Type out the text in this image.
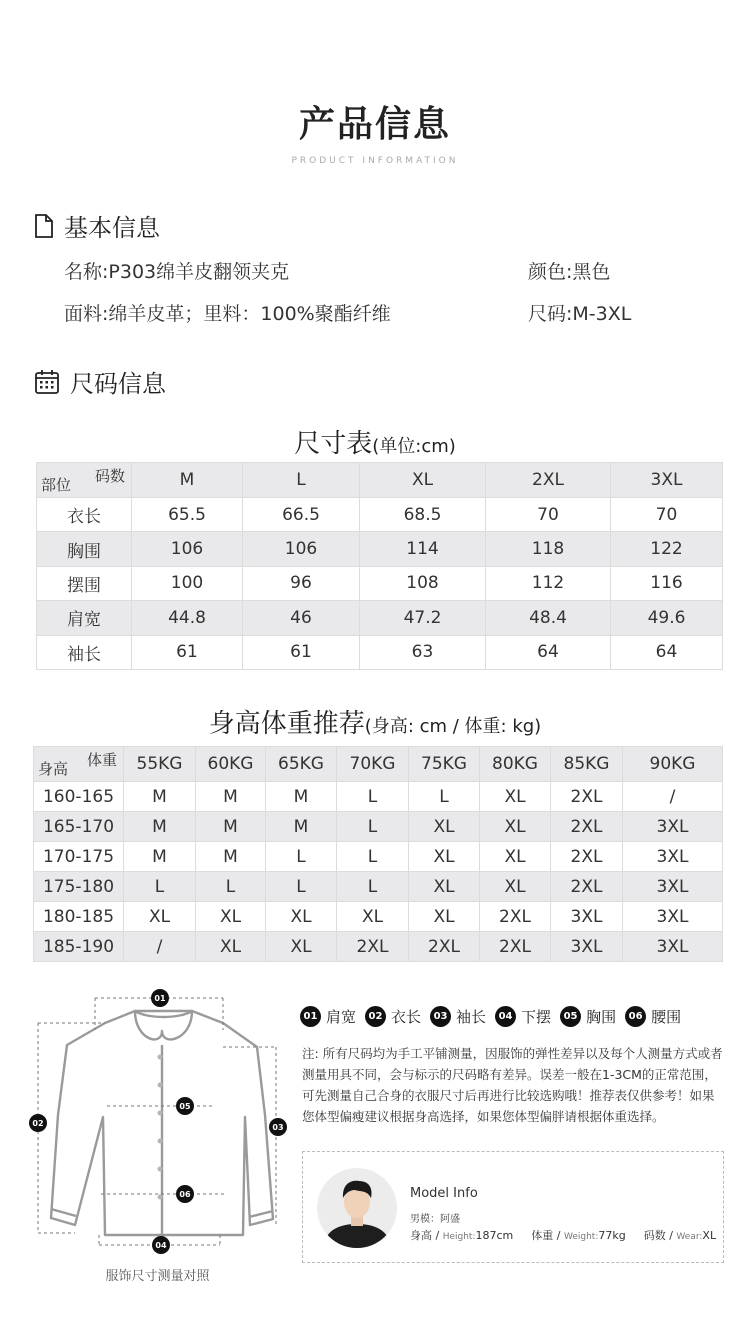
产品信息
PRODUCT INFORMATION
基本信息
名称:P303绵羊皮翻领夹克	颜色:黑色
面料:绵羊皮革；里料：100%聚酯纤维	尺码:M-3XL
尺码信息
尺寸表(单位:cm)
码数
部位	M	L	XL	2XL	3XL
衣长	65.5	66.5	68.5	70	70
胸围	106	106	114	118	122
摆围	100	96	108	112	116
肩宽	44.8	46	47.2	48.4	49.6
袖长	61	61	63	64	64
身高体重推荐(身高: cm / 体重: kg)
体重
身高	55KG	60KG	65KG	70KG	75KG	80KG	85KG	90KG
160-165	M	M	M	L	L	XL	2XL	/
165-170	M	M	M	L	XL	XL	2XL	3XL
170-175	M	M	L	L	XL	XL	2XL	3XL
175-180	L	L	L	L	XL	XL	2XL	3XL
180-185	XL	XL	XL	XL	XL	2XL	3XL	3XL
185-190	/	XL	XL	2XL	2XL	2XL	3XL	3XL
01
02	03
04
05
06
服饰尺寸测量对照
01 肩宽	02 衣长	03 袖长	04 下摆	05 胸围	06 腰围
注: 所有尺码均为手工平铺测量，因服饰的弹性差异以及每个人测量方式或者测量用具不同，会与标示的尺码略有差异。误差一般在1-3CM的正常范围，可先测量自己合身的衣服尺寸后再进行比较选购哦！推荐表仅供参考！如果您体型偏瘦建议根据身高选择，如果您体型偏胖请根据体重选择。
Model Info
男模：阿盛
身高 / Height:187cm 体重 / Weight:77kg 码数 / Wear:XL
